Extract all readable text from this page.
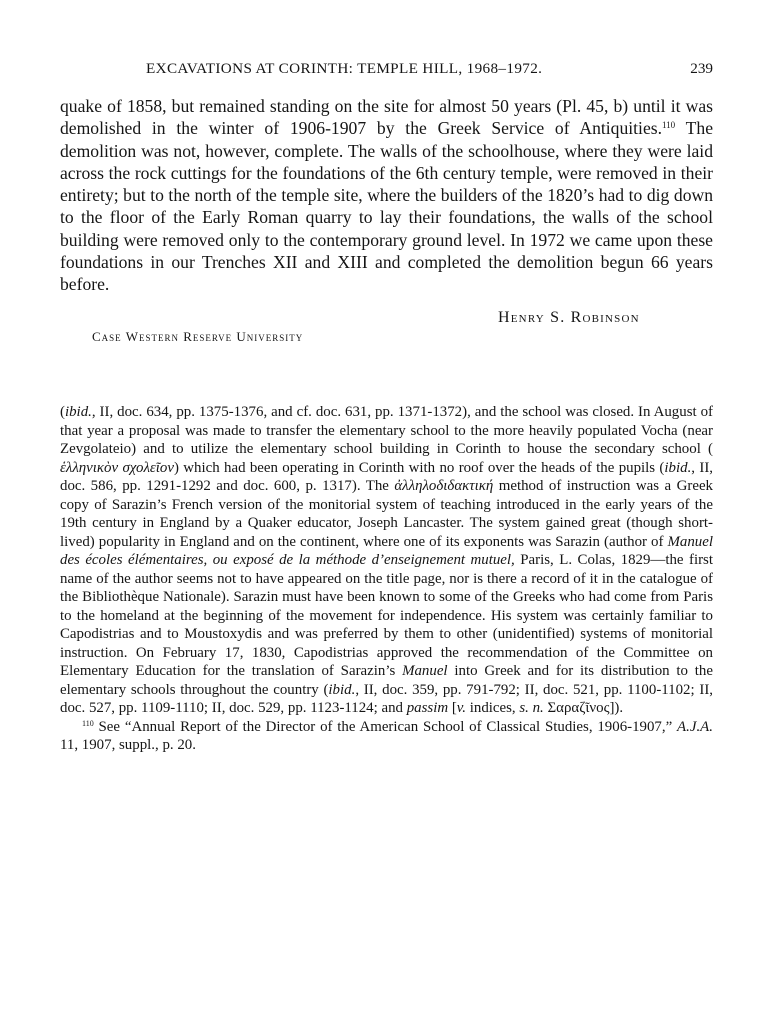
EXCAVATIONS AT CORINTH: TEMPLE HILL, 1968–1972.	239

quake of 1858, but remained standing on the site for almost 50 years (Pl. 45, b) until it was demolished in the winter of 1906-1907 by the Greek Service of Antiquities.$^{110}$ The demolition was not, however, complete. The walls of the schoolhouse, where they were laid across the rock cuttings for the foundations of the 6th century temple, were removed in their entirety; but to the north of the temple site, where the builders of the 1820’s had to dig down to the floor of the Early Roman quarry to lay their foundations, the walls of the school building were removed only to the contemporary ground level. In 1972 we came upon these foundations in our Trenches XII and XIII and completed the demolition begun 66 years before.

Henry S. Robinson
Case Western Reserve University

(ibid., II, doc. 634, pp. 1375-1376, and cf. doc. 631, pp. 1371-1372), and the school was closed. In August of that year a proposal was made to transfer the elementary school to the more heavily populated Vocha (near Zevgolateio) and to utilize the elementary school building in Corinth to house the secondary school ( ἑλληνικὸν σχολεῖον) which had been operating in Corinth with no roof over the heads of the pupils (ibid., II, doc. 586, pp. 1291-1292 and doc. 600, p. 1317). The ἀλληλοδιδακτική method of instruction was a Greek copy of Sarazin’s French version of the monitorial system of teaching introduced in the early years of the 19th century in England by a Quaker educator, Joseph Lancaster. The system gained great (though short-lived) popularity in England and on the continent, where one of its exponents was Sarazin (author of Manuel des écoles élémentaires, ou exposé de la méthode d’enseignement mutuel, Paris, L. Colas, 1829—the first name of the author seems not to have appeared on the title page, nor is there a record of it in the catalogue of the Bibliothèque Nationale). Sarazin must have been known to some of the Greeks who had come from Paris to the homeland at the beginning of the movement for independence. His system was certainly familiar to Capodistrias and to Moustoxydis and was preferred by them to other (unidentified) systems of monitorial instruction. On February 17, 1830, Capodistrias approved the recommendation of the Committee on Elementary Education for the translation of Sarazin’s Manuel into Greek and for its distribution to the elementary schools throughout the country (ibid., II, doc. 359, pp. 791-792; II, doc. 521, pp. 1100-1102; II, doc. 527, pp. 1109-1110; II, doc. 529, pp. 1123-1124; and passim [v. indices, s. n. Σαραζῖνος]).

$^{110}$ See “Annual Report of the Director of the American School of Classical Studies, 1906-1907,” A.J.A. 11, 1907, suppl., p. 20.
